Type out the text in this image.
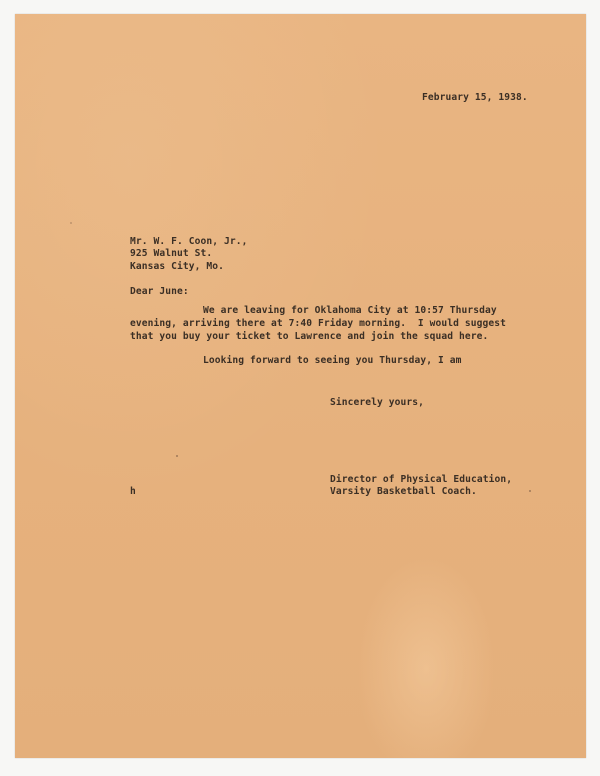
February 15, 1938.
Mr. W. F. Coon, Jr.,
925 Walnut St.
Kansas City, Mo.
Dear June:
We are leaving for Oklahoma City at 10:57 Thursday
evening, arriving there at 7:40 Friday morning.  I would suggest
that you buy your ticket to Lawrence and join the squad here.
Looking forward to seeing you Thursday, I am
Sincerely yours,
Director of Physical Education,
Varsity Basketball Coach.
h
